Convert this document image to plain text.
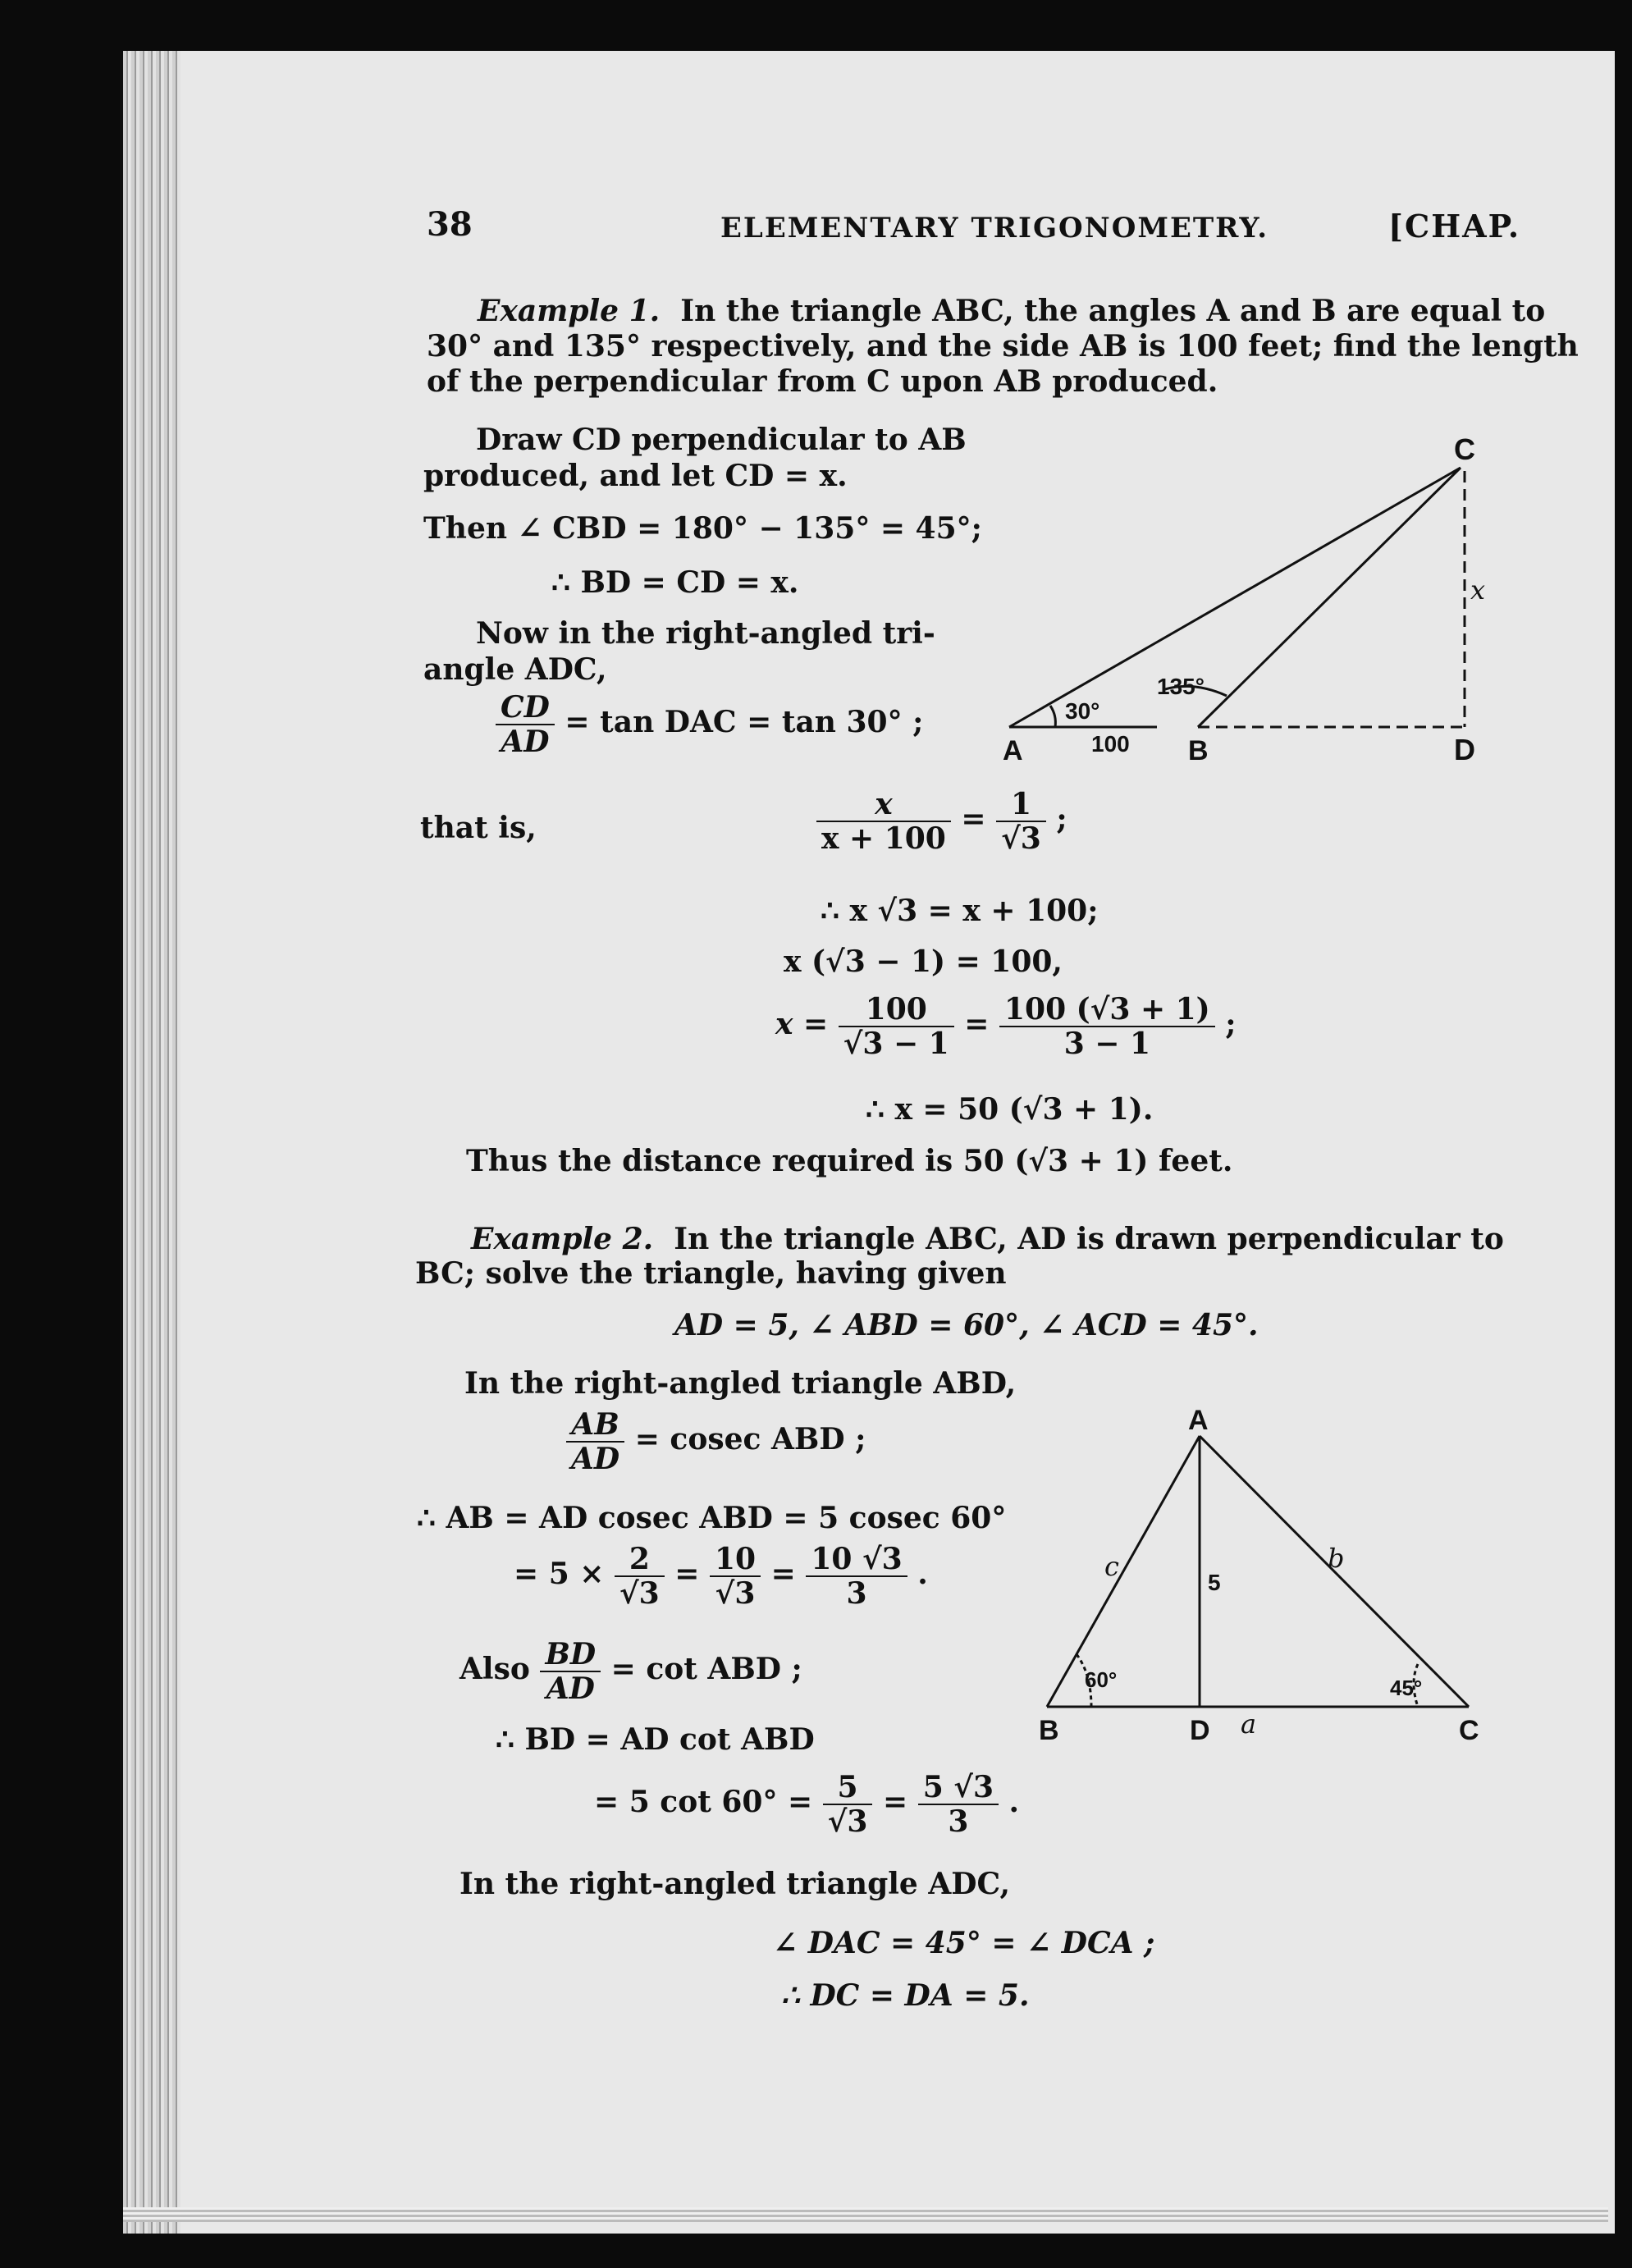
38	ELEMENTARY TRIGONOMETRY.	[CHAP.
Example 1. In the triangle ABC, the angles A and B are equal to
30° and 135° respectively, and the side AB is 100 feet; find the length
of the perpendicular from C upon AB produced.
Draw CD perpendicular to AB
produced, and let CD = x.
Then ∠ CBD = 180° − 135° = 45°;
∴ BD = CD = x.
Now in the right-angled tri-
angle ADC,
$\frac{CD}{AD} = \tan$ DAC = tan 30° ;
that is,	$\frac{x}{x + 100} = \frac{1}{√3}$ ;
∴ x √3 = x + 100;
x (√3 − 1) = 100,
$x = \frac{100}{√3 - 1} = \frac{100 (√3 + 1)}{3 - 1}$ ;
∴ x = 50 (√3 + 1).
Thus the distance required is 50 (√3 + 1) feet.
A	B
C
D
30°
135°
100
x
Example 2. In the triangle ABC, AD is drawn perpendicular to
BC; solve the triangle, having given
AD = 5, ∠ ABD = 60°, ∠ ACD = 45°.
In the right-angled triangle ABD,
$\frac{AB}{AD} = cosec$ ABD ;
∴ AB = AD cosec ABD = 5 cosec 60°
= $5 \times \frac{2}{√3} = \frac{10}{√3} = \frac{10 √3}{3}$ .
Also $\frac{BD}{AD} = \cot$ ABD ;
∴ BD = AD cot ABD
= 5 $\cot 60^\circ = \frac{5}{√3} = \frac{5 √3}{3}$ .
In the right-angled triangle ADC,
∠ DAC = 45° = ∠ DCA ;
∴ DC = DA = 5.
A
B	D	C
c	b
a
5
60°	45°
